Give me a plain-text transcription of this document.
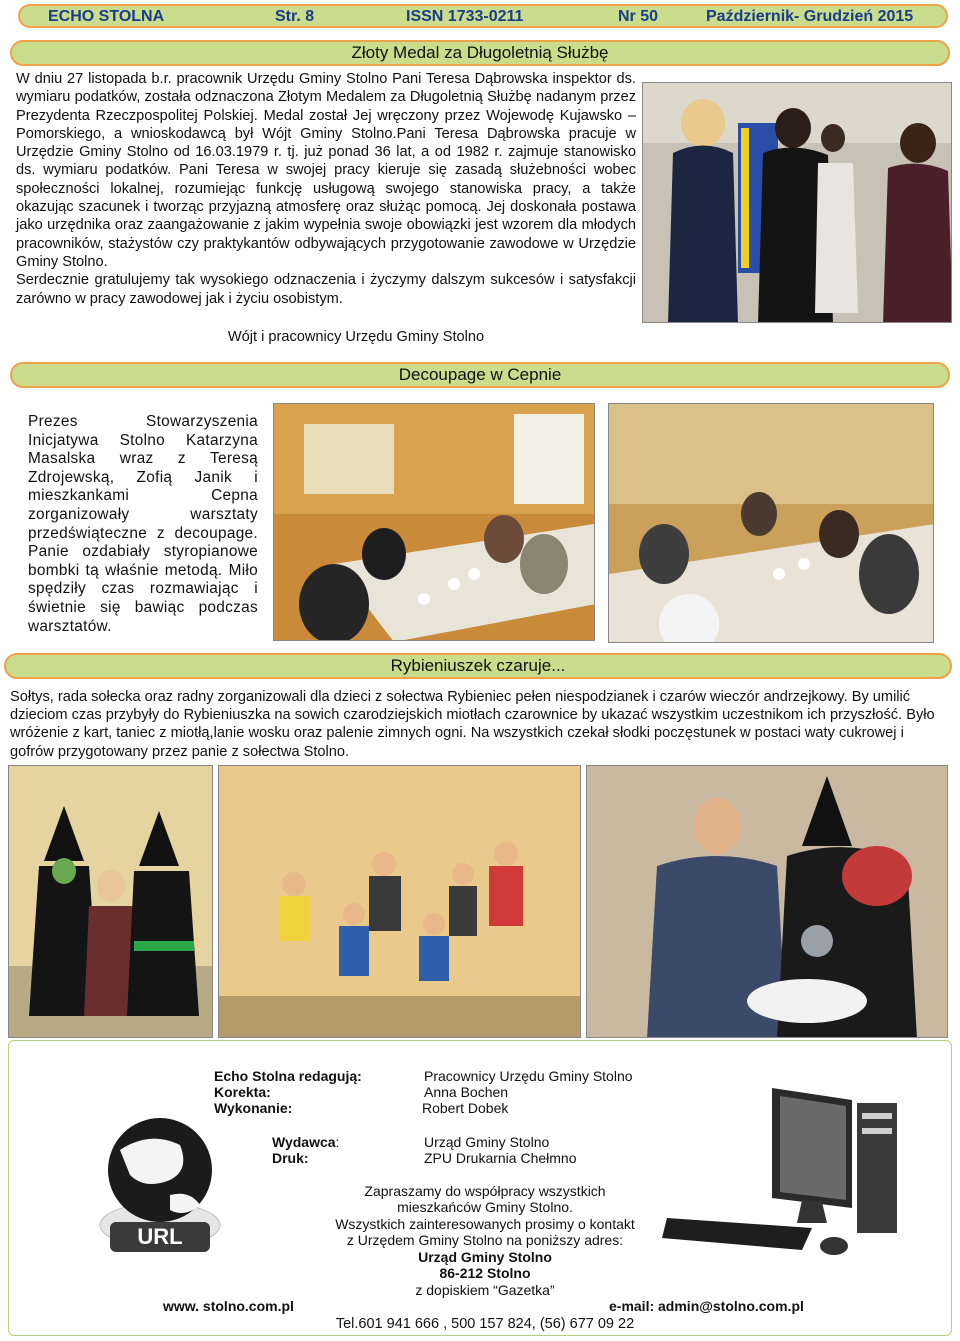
ECHO STOLNA	Str. 8	ISSN 1733-0211	Nr 50	Październik- Grudzień 2015
Złoty Medal za Długoletnią Służbę

W dniu 27 listopada b.r. pracownik Urzędu Gminy Stolno Pani Teresa Dąbrowska inspektor ds. wymiaru podatków, została odznaczona Złotym Medalem za Długoletnią Służbę nadanym przez Prezydenta Rzeczpospolitej Polskiej. Medal został Jej wręczony przez Wojewodę Kujawsko – Pomorskiego, a wnioskodawcą był Wójt Gminy Stolno.Pani Teresa Dąbrowska pracuje w Urzędzie Gminy Stolno od 16.03.1979 r. tj. już ponad 36 lat, a od 1982 r. zajmuje stanowisko ds. wymiaru podatków. Pani Teresa w swojej pracy kieruje się zasadą służebności wobec społeczności lokalnej, rozumiejąc funkcję usługową swojego stanowiska pracy, a także okazując szacunek i tworząc przyjazną atmosferę oraz służąc pomocą. Jej doskonała postawa jako urzędnika oraz zaangażowanie z jakim wypełnia swoje obowiązki jest wzorem dla młodych pracowników, stażystów czy praktykantów odbywających przygotowanie zawodowe w Urzędzie Gminy Stolno.

Serdecznie gratulujemy tak wysokiego odznaczenia i życzymy dalszym sukcesów i satysfakcji zarówno w pracy zawodowej jak i życiu osobistym.

Wójt i pracownicy Urzędu Gminy Stolno
Decoupage w Cepnie
Prezes Stowarzyszenia Inicjatywa Stolno Katarzyna Masalska wraz z Teresą Zdrojewską, Zofią Janik i mieszkankami Cepna zorganizowały warsztaty przedświąteczne z decoupage. Panie ozdabiały styropianowe bombki tą właśnie metodą. Miło spędziły czas rozmawiając i świetnie się bawiąc podczas warsztatów.
Rybieniuszek czaruje...
Sołtys, rada sołecka oraz radny zorganizowali dla dzieci z sołectwa Rybieniec pełen niespodzianek i czarów wieczór andrzejkowy. By umilić dzieciom czas przybyły do Rybieniuszka na sowich czarodziejskich miotłach czarownice by ukazać wszystkim uczestnikom ich przyszłość. Było wróżenie z kart, taniec z miotłą,lanie wosku oraz palenie zimnych ogni. Na wszystkich czekał słodki poczęstunek w postaci waty cukrowej i gofrów przygotowany przez panie z sołectwa Stolno.
URL
Echo Stolna redagują:	Pracownicy Urzędu Gminy Stolno
Korekta:	Anna Bochen
Wykonanie:	Robert Dobek
Wydawca:	Urząd Gminy Stolno
Druk:	ZPU Drukarnia Chełmno
Zapraszamy do współpracy wszystkich
mieszkańców Gminy Stolno.
Wszystkich zainteresowanych prosimy o kontakt
z Urzędem Gminy Stolno na poniższy adres:
Urząd Gminy Stolno
86-212 Stolno
z dopiskiem “Gazetka”
www. stolno.com.pl	e-mail: admin@stolno.com.pl
Tel.601 941 666 , 500 157 824, (56) 677 09 22
